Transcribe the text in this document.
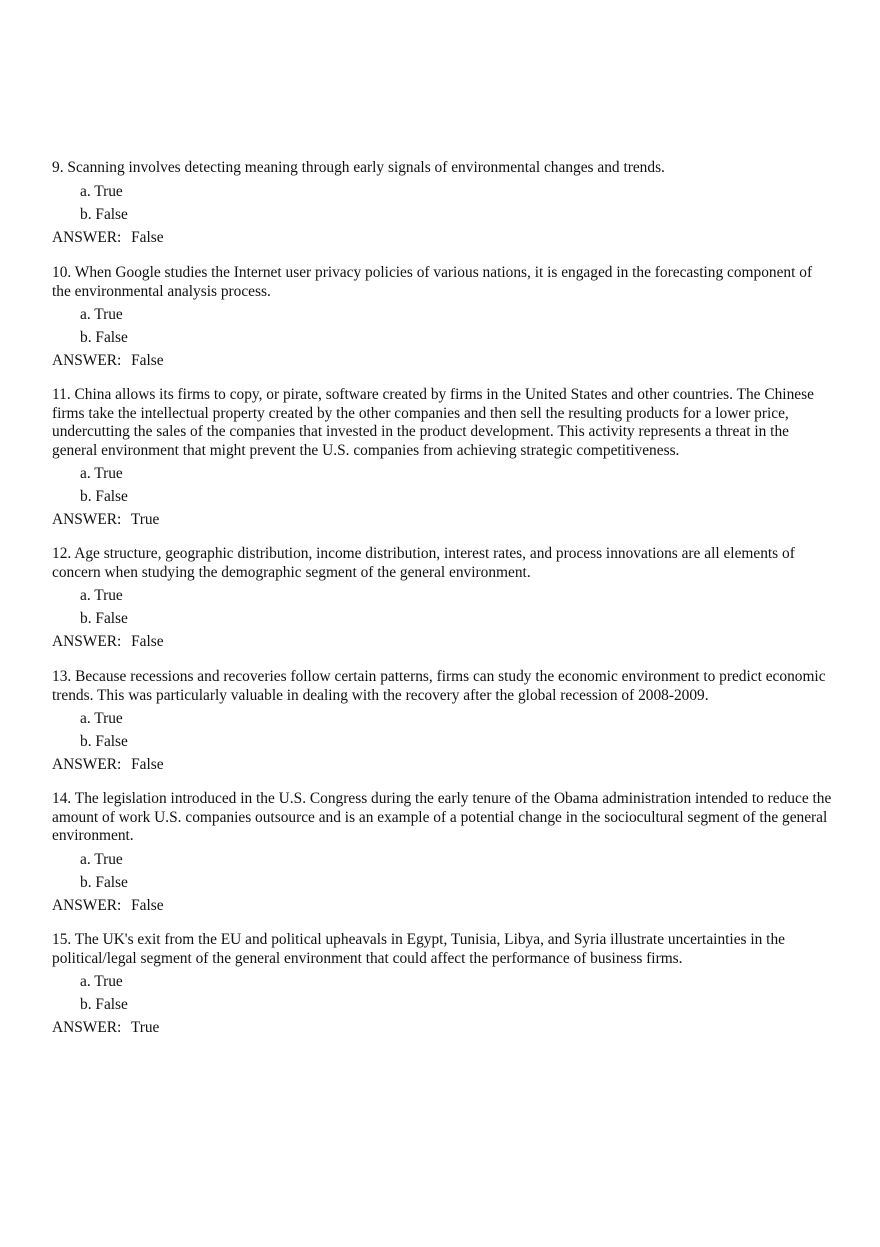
9. Scanning involves detecting meaning through early signals of environmental changes and trends.

a. True
b. False
ANSWER: False

10. When Google studies the Internet user privacy policies of various nations, it is engaged in the forecasting component of the environmental analysis process.

a. True
b. False
ANSWER: False

11. China allows its firms to copy, or pirate, software created by firms in the United States and other countries. The Chinese firms take the intellectual property created by the other companies and then sell the resulting products for a lower price, undercutting the sales of the companies that invested in the product development. This activity represents a threat in the general environment that might prevent the U.S. companies from achieving strategic competitiveness.

a. True
b. False
ANSWER: True

12. Age structure, geographic distribution, income distribution, interest rates, and process innovations are all elements of concern when studying the demographic segment of the general environment.

a. True
b. False
ANSWER: False

13. Because recessions and recoveries follow certain patterns, firms can study the economic environment to predict economic trends. This was particularly valuable in dealing with the recovery after the global recession of 2008-2009.

a. True
b. False
ANSWER: False

14. The legislation introduced in the U.S. Congress during the early tenure of the Obama administration intended to reduce the amount of work U.S. companies outsource and is an example of a potential change in the sociocultural segment of the general environment.

a. True
b. False
ANSWER: False

15. The UK's exit from the EU and political upheavals in Egypt, Tunisia, Libya, and Syria illustrate uncertainties in the political/legal segment of the general environment that could affect the performance of business firms.

a. True
b. False
ANSWER: True
